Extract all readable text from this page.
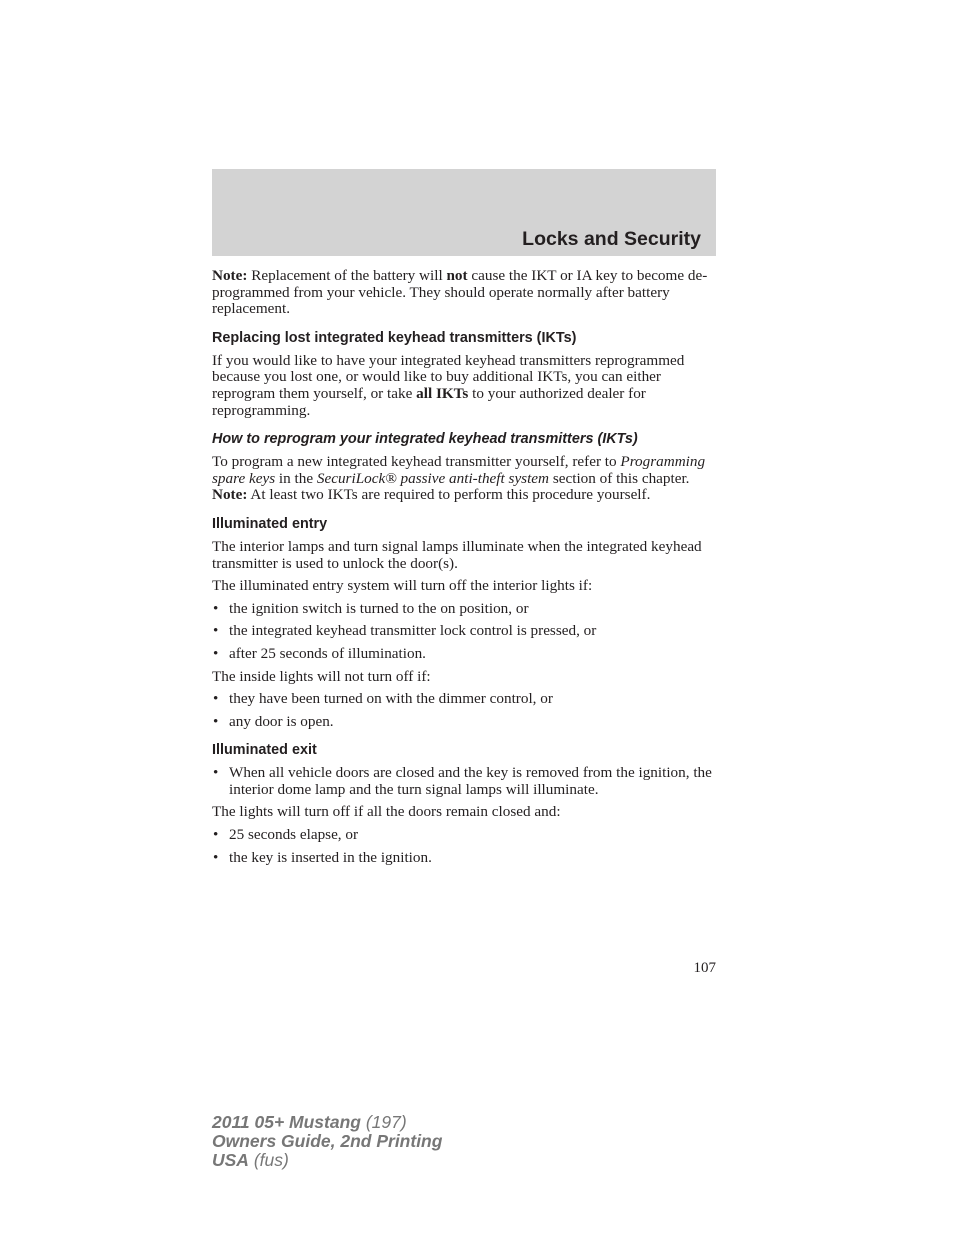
Locks and Security

Note: Replacement of the battery will not cause the IKT or IA key to become de-programmed from your vehicle. They should operate normally after battery replacement.

Replacing lost integrated keyhead transmitters (IKTs)

If you would like to have your integrated keyhead transmitters reprogrammed because you lost one, or would like to buy additional IKTs, you can either reprogram them yourself, or take all IKTs to your authorized dealer for reprogramming.

How to reprogram your integrated keyhead transmitters (IKTs)

To program a new integrated keyhead transmitter yourself, refer to Programming spare keys in the SecuriLock® passive anti-theft system section of this chapter. Note: At least two IKTs are required to perform this procedure yourself.

Illuminated entry

The interior lamps and turn signal lamps illuminate when the integrated keyhead transmitter is used to unlock the door(s).

The illuminated entry system will turn off the interior lights if:

• the ignition switch is turned to the on position, or
• the integrated keyhead transmitter lock control is pressed, or
• after 25 seconds of illumination.

The inside lights will not turn off if:

• they have been turned on with the dimmer control, or
• any door is open.
Illuminated exit
• When all vehicle doors are closed and the key is removed from the ignition, the interior dome lamp and the turn signal lamps will illuminate.

The lights will turn off if all the doors remain closed and:

• 25 seconds elapse, or
• the key is inserted in the ignition.
107
2011 05+ Mustang (197)
Owners Guide, 2nd Printing
USA (fus)
